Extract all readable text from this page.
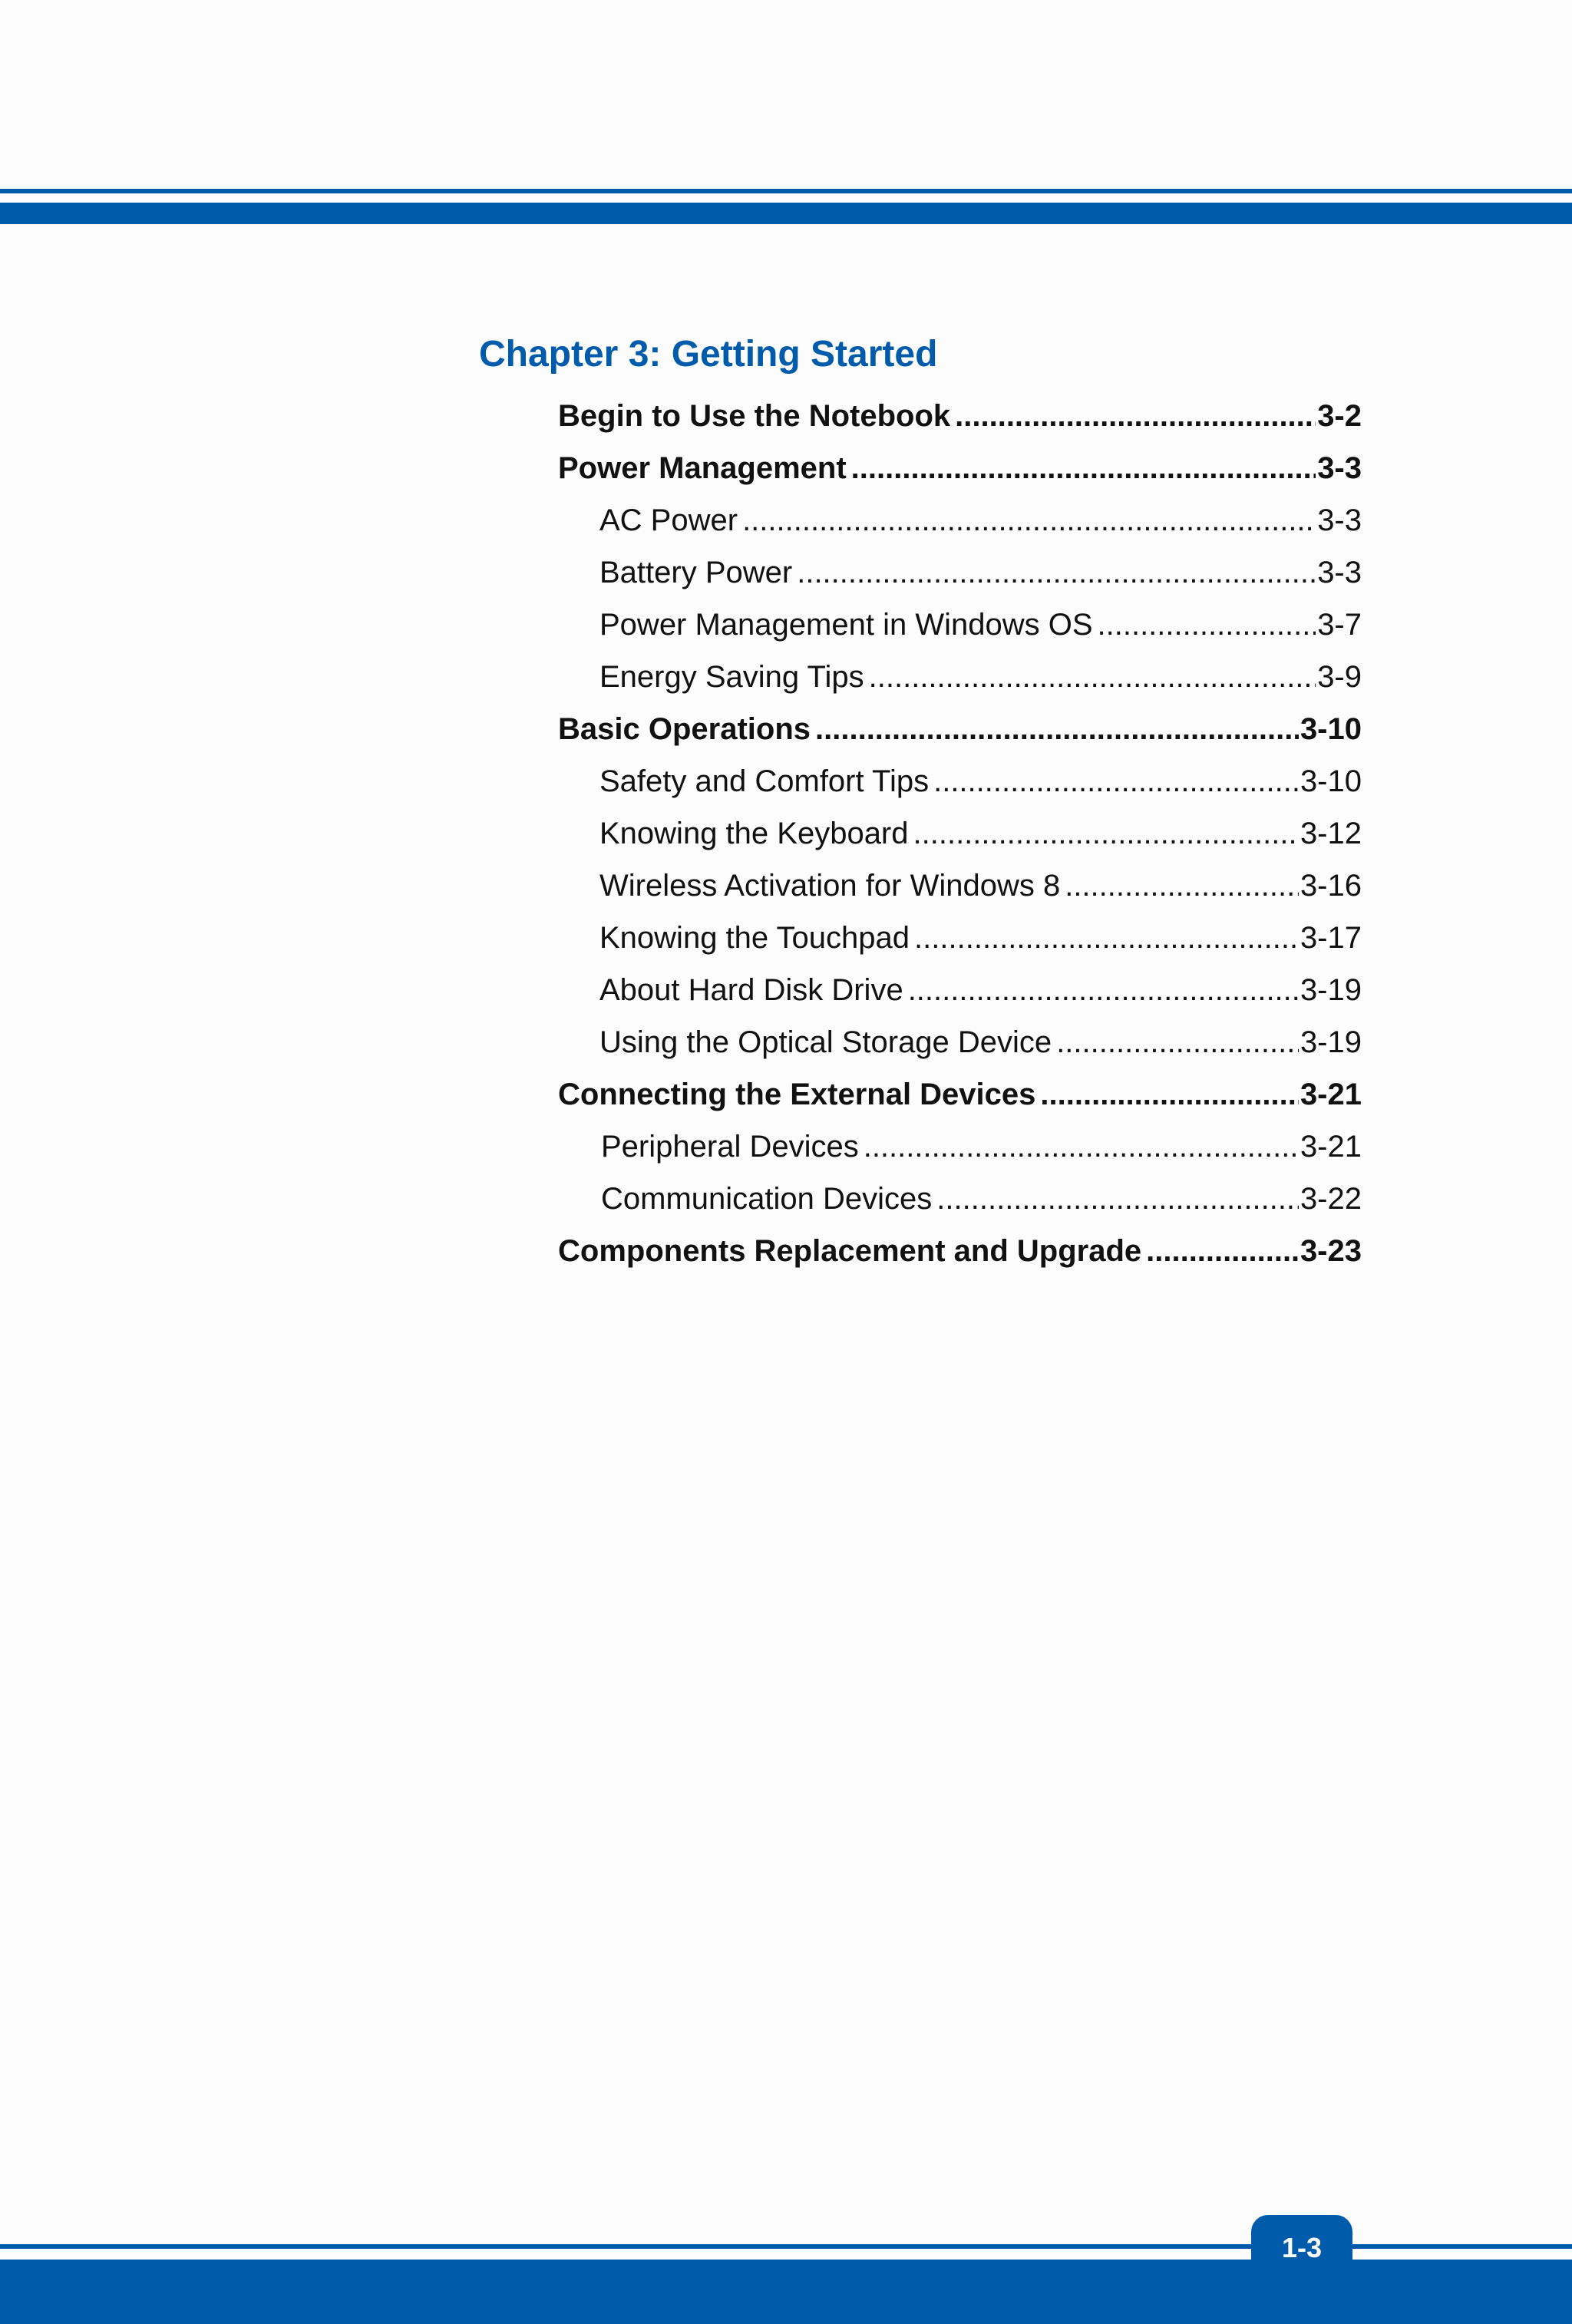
Chapter 3: Getting Started
Begin to Use the Notebook .....	3-2
Power Management .....	3-3
AC Power .....	3-3
Battery Power .....	3-3
Power Management in Windows OS .....	3-7
Energy Saving Tips .....	3-9
Basic Operations .....	3-10
Safety and Comfort Tips .....	3-10
Knowing the Keyboard .....	3-12
Wireless Activation for Windows 8 .....	3-16
Knowing the Touchpad .....	3-17
About Hard Disk Drive .....	3-19
Using the Optical Storage Device .....	3-19
Connecting the External Devices .....	3-21
Peripheral Devices .....	3-21
Communication Devices .....	3-22
Components Replacement and Upgrade .....	3-23
1-3
